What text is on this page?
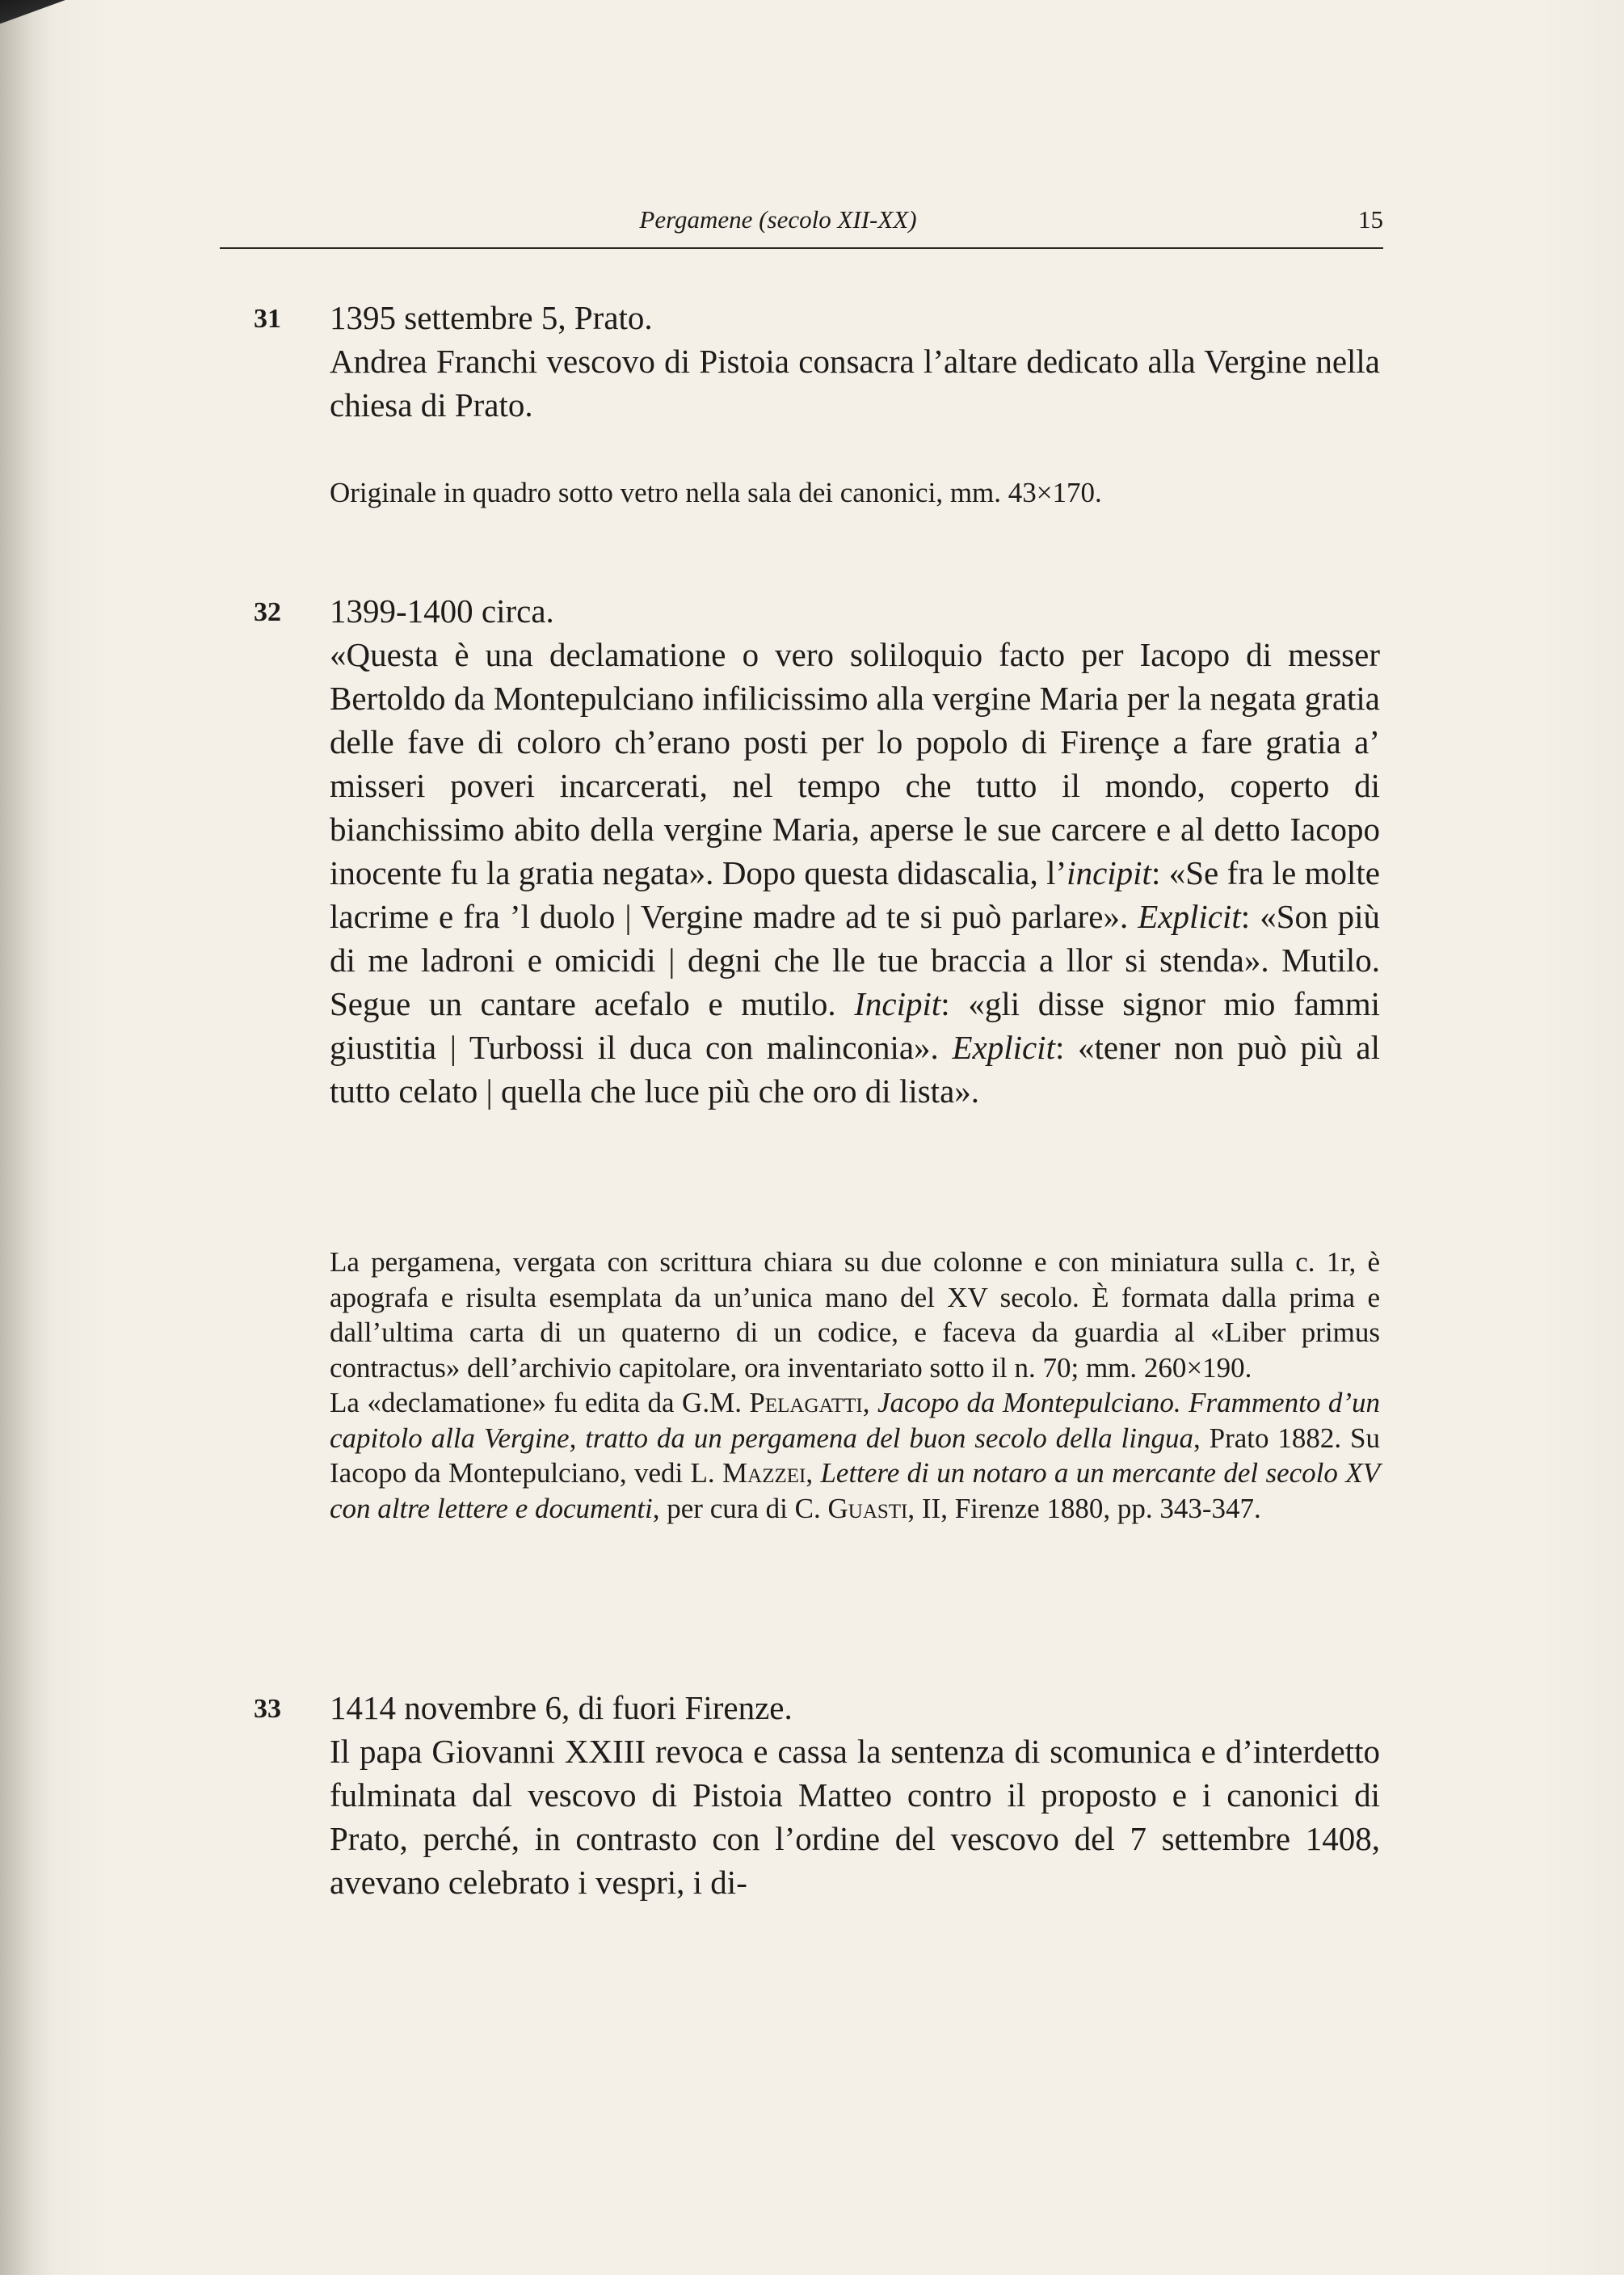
Pergamene (secolo XII-XX)	15
31 1395 settembre 5, Prato.

Andrea Franchi vescovo di Pistoia consacra l’altare dedicato alla Vergine nella chiesa di Prato.

Originale in quadro sotto vetro nella sala dei canonici, mm. 43×170.
32 1399-1400 circa.

«Questa è una declamatione o vero soliloquio facto per Iacopo di messer Bertoldo da Montepulciano infilicissimo alla vergine Maria per la negata gratia delle fave di coloro ch’erano posti per lo popolo di Firençe a fare gratia a’ misseri poveri incarcerati, nel tempo che tutto il mondo, coperto di bianchissimo abito della vergine Maria, aperse le sue carcere e al detto Iacopo inocente fu la gratia negata». Dopo questa didascalia, l’incipit: «Se fra le molte lacrime e fra ’l duolo | Vergine madre ad te si può parlare». Explicit: «Son più di me ladroni e omicidi | degni che lle tue braccia a llor si stenda». Mutilo. Segue un cantare acefalo e mutilo. Incipit: «gli disse signor mio fammi giustitia | Turbossi il duca con malinconia». Explicit: «tener non può più al tutto celato | quella che luce più che oro di lista».

La pergamena, vergata con scrittura chiara su due colonne e con miniatura sulla c. 1r, è apografa e risulta esemplata da un’unica mano del XV secolo. È formata dalla prima e dall’ultima carta di un quaterno di un codice, e faceva da guardia al «Liber primus contractus» dell’archivio capitolare, ora inventariato sotto il n. 70; mm. 260×190.

La «declamatione» fu edita da G.M. Pelagatti, Jacopo da Montepulciano. Frammento d’un capitolo alla Vergine, tratto da un pergamena del buon secolo della lingua, Prato 1882. Su Iacopo da Montepulciano, vedi L. Mazzei, Lettere di un notaro a un mercante del secolo XV con altre lettere e documenti, per cura di C. Guasti, II, Firenze 1880, pp. 343-347.

33 1414 novembre 6, di fuori Firenze.

Il papa Giovanni XXIII revoca e cassa la sentenza di scomunica e d’interdetto fulminata dal vescovo di Pistoia Matteo contro il proposto e i canonici di Prato, perché, in contrasto con l’ordine del vescovo del 7 settembre 1408, avevano celebrato i vespri, i di-
